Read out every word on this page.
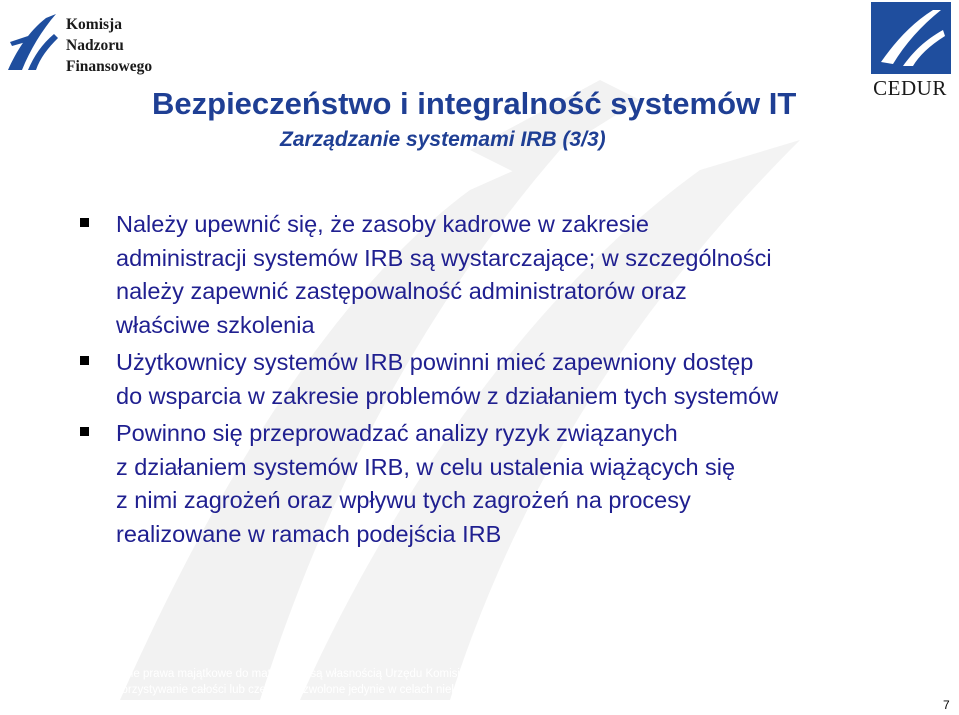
Komisja
Nadzoru
Finansowego
CEDUR
Bezpieczeństwo i integralność systemów IT
Zarządzanie systemami IRB (3/3)
Należy upewnić się, że zasoby kadrowe w zakresie
administracji systemów IRB są wystarczające; w szczególności
należy zapewnić zastępowalność administratorów oraz
właściwe szkolenia
Użytkownicy systemów IRB powinni mieć zapewniony dostęp
do wsparcia w zakresie problemów z działaniem tych systemów
Powinno się przeprowadzać analizy ryzyk związanych
z działaniem systemów IRB, w celu ustalenia wiążących się
z nimi zagrożeń oraz wpływu tych zagrożeń na procesy
realizowane w ramach podejścia IRB
Autorskie prawa majątkowe do materiałów są własnością Urzędu Komisji Nadzoru Finansowego. Rozpowszechnianie, kopiowanie, utrwalanie, publiczne
wykorzystywanie całości lub części - dozwolone jedynie w celach niekomercyjnych, nieodpłatnie, za zgodą UKNF, pod warunkiem podania informacji
o pochodzeniu materiałów. Materiały szkoleniowe przygotowane w ramach projektu Centrum Edukacji dla Uczestników Rynku.	7
